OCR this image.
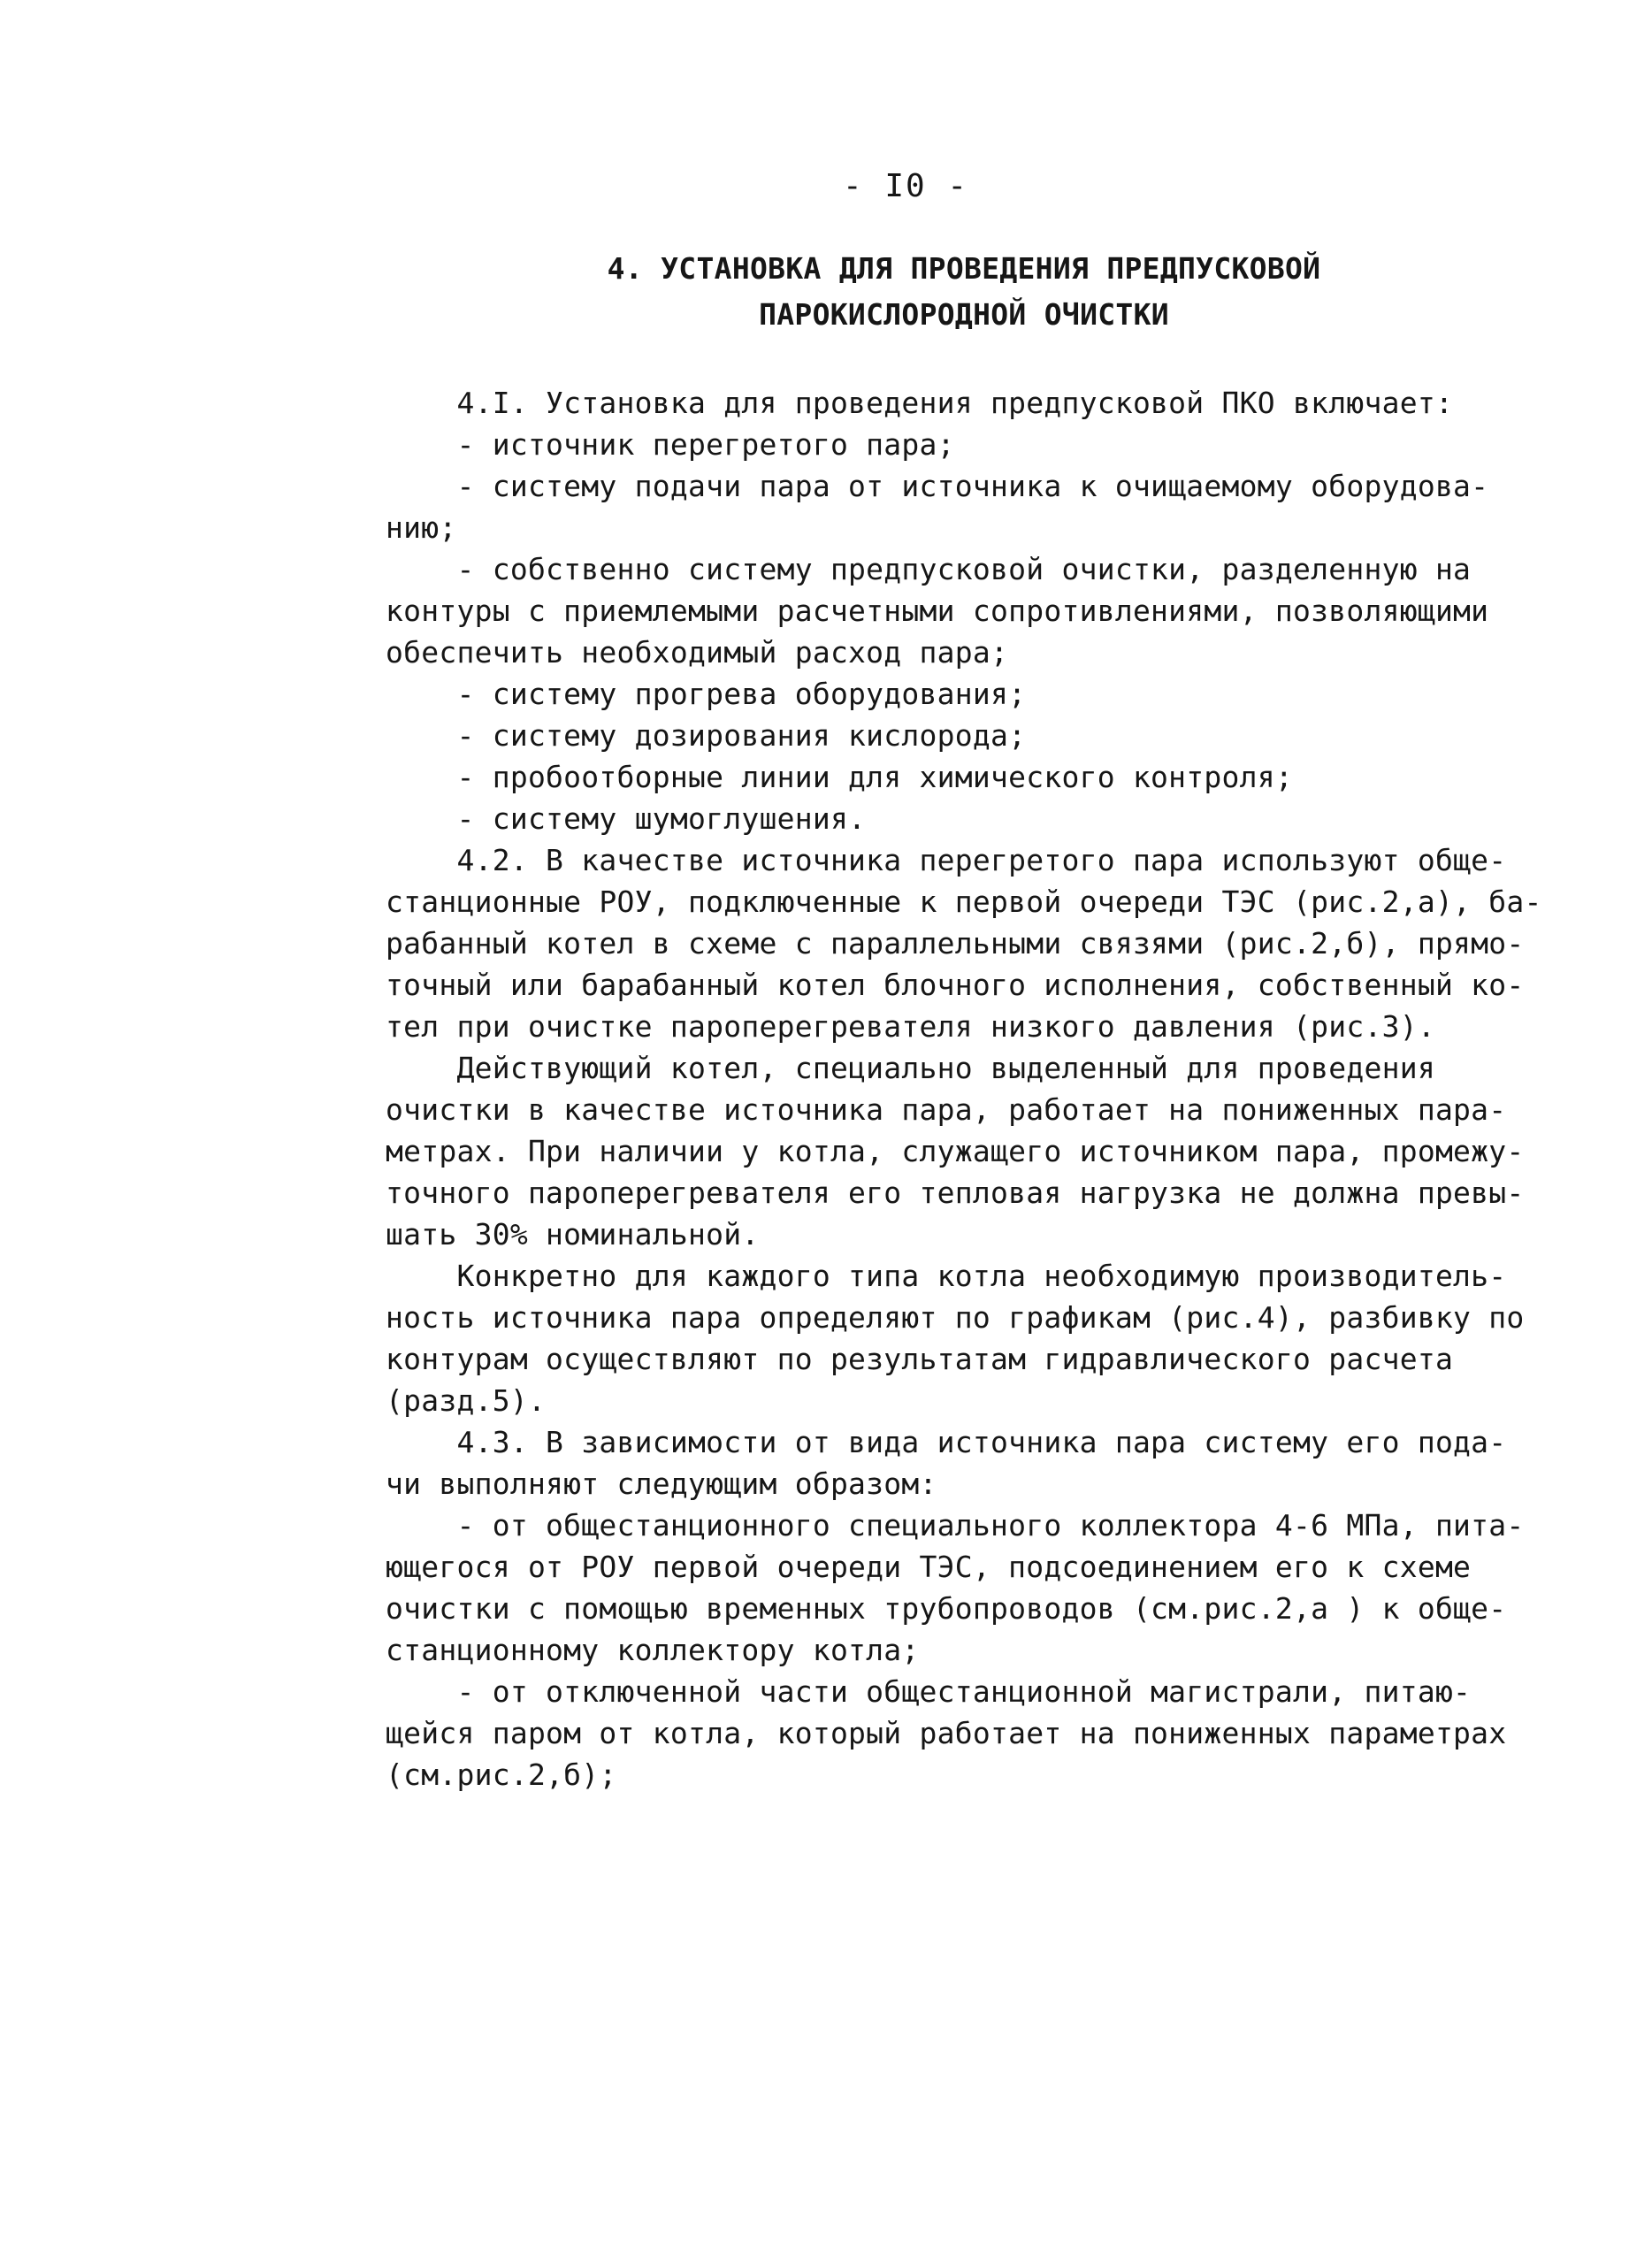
- I0 -
4. УСТАНОВКА ДЛЯ ПРОВЕДЕНИЯ ПРЕДПУСКОВОЙ
ПАРОКИСЛОРОДНОЙ ОЧИСТКИ
4.I. Установка для проведения предпусковой ПКО включает:
- источник перегретого пара;
- систему подачи пара от источника к очищаемому оборудова-
нию;
- собственно систему предпусковой очистки, разделенную на
контуры с приемлемыми расчетными сопротивлениями, позволяющими
обеспечить необходимый расход пара;
- систему прогрева оборудования;
- систему дозирования кислорода;
- пробоотборные линии для химического контроля;
- систему шумоглушения.
4.2. В качестве источника перегретого пара используют обще-
станционные РОУ, подключенные к первой очереди ТЭС (рис.2,а), ба-
рабанный котел в схеме с параллельными связями (рис.2,б), прямо-
точный или барабанный котел блочного исполнения, собственный ко-
тел при очистке пароперегревателя низкого давления (рис.3).
Действующий котел, специально выделенный для проведения
очистки в качестве источника пара, работает на пониженных пара-
метрах. При наличии у котла, служащего источником пара, промежу-
точного пароперегревателя его тепловая нагрузка не должна превы-
шать 30% номинальной.
Конкретно для каждого типа котла необходимую производитель-
ность источника пара определяют по графикам (рис.4), разбивку по
контурам осуществляют по результатам гидравлического расчета
(разд.5).
4.3. В зависимости от вида источника пара систему его пода-
чи выполняют следующим образом:
- от общестанционного специального коллектора 4-6 МПа, пита-
ющегося от РОУ первой очереди ТЭС, подсоединением его к схеме
очистки с помощью временных трубопроводов (см.рис.2,а ) к обще-
станционному коллектору котла;
- от отключенной части общестанционной магистрали, питаю-
щейся паром от котла, который работает на пониженных параметрах
(см.рис.2,б);
